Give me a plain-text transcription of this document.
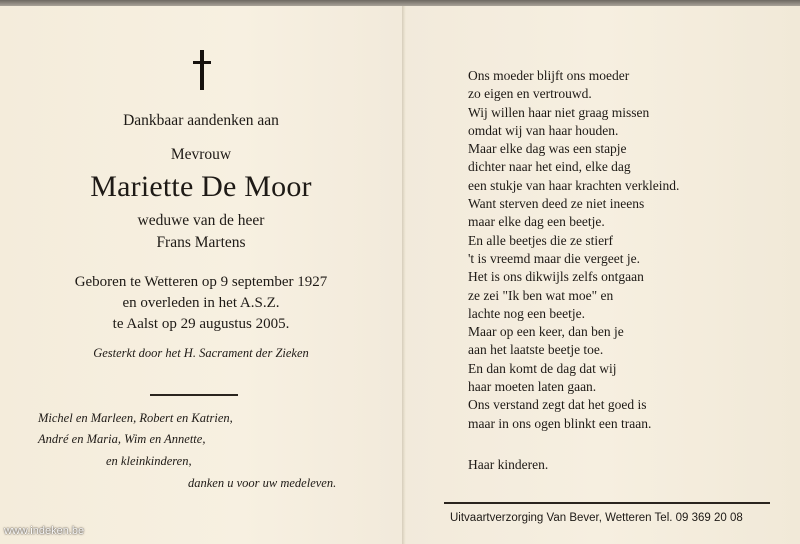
Dankbaar aandenken aan
Mevrouw
Mariette De Moor
weduwe van de heer
Frans Martens
Geboren te Wetteren op 9 september 1927
en overleden in het A.S.Z.
te Aalst op 29 augustus 2005.
Gesterkt door het H. Sacrament der Zieken
Michel en Marleen, Robert en Katrien,
André en Maria, Wim en Annette,
en kleinkinderen,
danken u voor uw medeleven.
Ons moeder blijft ons moeder
zo eigen en vertrouwd.
Wij willen haar niet graag missen
omdat wij van haar houden.
Maar elke dag was een stapje
dichter naar het eind, elke dag
een stukje van haar krachten verkleind.
Want sterven deed ze niet ineens
maar elke dag een beetje.
En alle beetjes die ze stierf
't is vreemd maar die vergeet je.
Het is ons dikwijls zelfs ontgaan
ze zei "Ik ben wat moe" en
lachte nog een beetje.
Maar op een keer, dan ben je
aan het laatste beetje toe.
En dan komt de dag dat wij
haar moeten laten gaan.
Ons verstand zegt dat het goed is
maar in ons ogen blinkt een traan.
Haar kinderen.
Uitvaartverzorging Van Bever, Wetteren Tel. 09 369 20 08
www.indeken.be
